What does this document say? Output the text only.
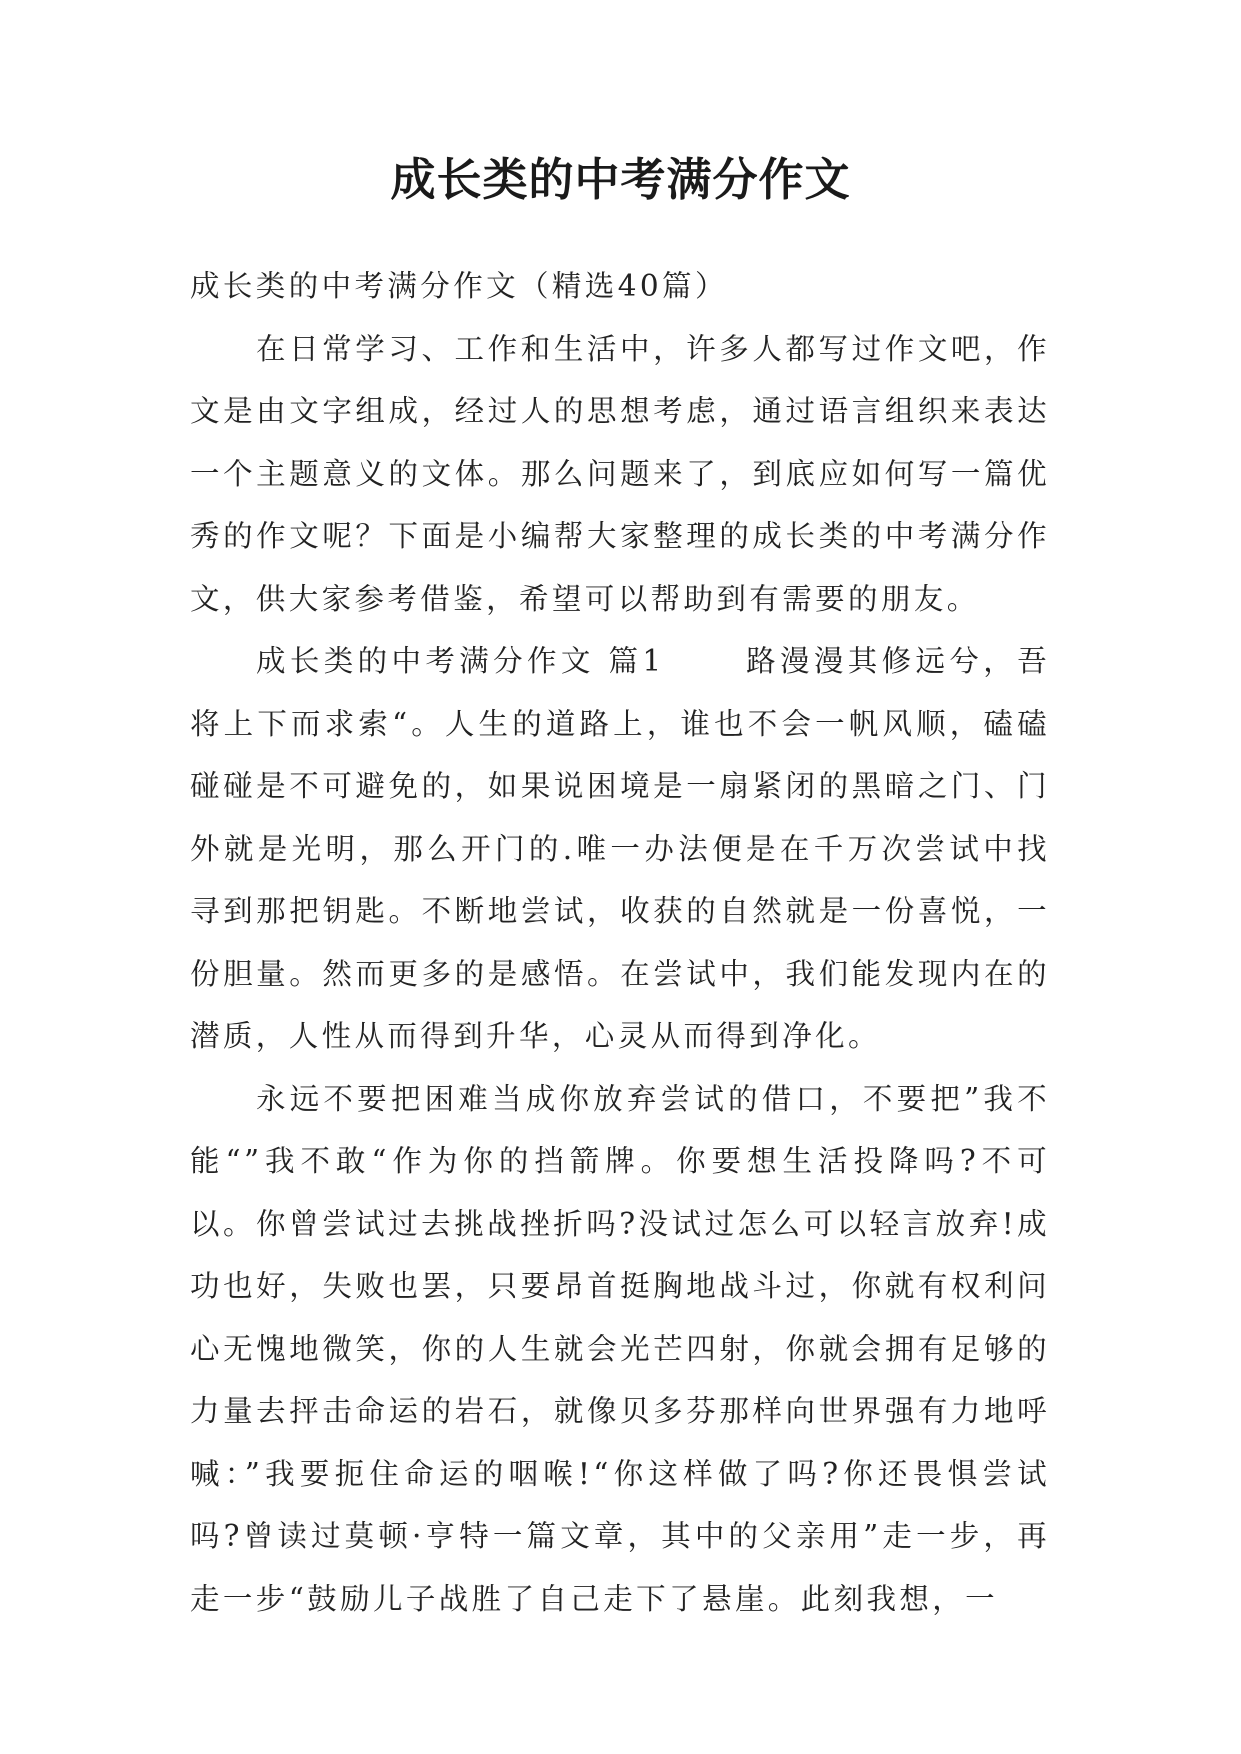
成长类的中考满分作文

成长类的中考满分作文（精选40篇）

在日常学习、工作和生活中，许多人都写过作文吧，作文是由文字组成，经过人的思想考虑，通过语言组织来表达一个主题意义的文体。那么问题来了，到底应如何写一篇优秀的作文呢？下面是小编帮大家整理的成长类的中考满分作文，供大家参考借鉴，希望可以帮助到有需要的朋友。

成长类的中考满分作文 篇1 　　路漫漫其修远兮，吾将上下而求索“。人生的道路上，谁也不会一帆风顺，磕磕碰碰是不可避免的，如果说困境是一扇紧闭的黑暗之门、门外就是光明，那么开门的.唯一办法便是在千万次尝试中找寻到那把钥匙。不断地尝试，收获的自然就是一份喜悦，一份胆量。然而更多的是感悟。在尝试中，我们能发现内在的潜质，人性从而得到升华，心灵从而得到净化。

永远不要把困难当成你放弃尝试的借口，不要把”我不能“”我不敢“作为你的挡箭牌。你要想生活投降吗?不可以。你曾尝试过去挑战挫折吗?没试过怎么可以轻言放弃!成功也好，失败也罢，只要昂首挺胸地战斗过，你就有权利问心无愧地微笑，你的人生就会光芒四射，你就会拥有足够的力量去抨击命运的岩石，就像贝多芬那样向世界强有力地呼喊：”我要扼住命运的咽喉!“你这样做了吗?你还畏惧尝试吗?曾读过莫顿·亨特一篇文章，其中的父亲用”走一步，再走一步“鼓励儿子战胜了自己走下了悬崖。此刻我想，一
